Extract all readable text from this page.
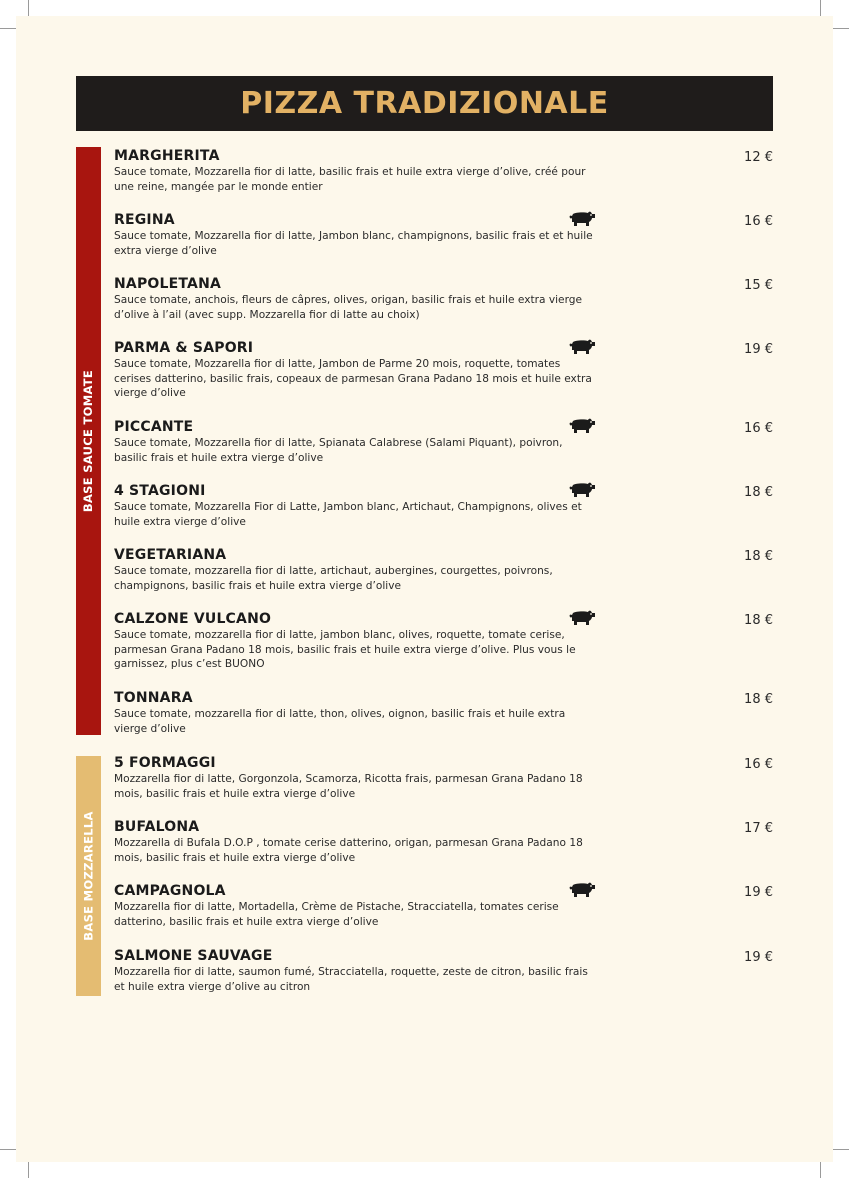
PIZZA TRADIZIONALE
BASE SAUCE TOMATE
BASE MOZZARELLA
MARGHERITA
Sauce tomate, Mozzarella fior di latte, basilic frais et huile extra vierge d’olive, créé pour une reine, mangée par le monde entier
12 €
REGINA
Sauce tomate, Mozzarella fior di latte, Jambon blanc, champignons, basilic frais et et huile extra vierge d’olive
16 €
NAPOLETANA
Sauce tomate, anchois, fleurs de câpres, olives, origan, basilic frais et huile extra vierge d’olive à l’ail (avec supp. Mozzarella fior di latte au choix)
15 €
PARMA & SAPORI
Sauce tomate, Mozzarella fior di latte, Jambon de Parme 20 mois, roquette, tomates cerises datterino, basilic frais, copeaux de parmesan Grana Padano 18 mois et huile extra vierge d’olive
19 €
PICCANTE
Sauce tomate, Mozzarella fior di latte, Spianata Calabrese (Salami Piquant), poivron, basilic frais et huile extra vierge d’olive
16 €
4 STAGIONI
Sauce tomate, Mozzarella Fior di Latte, Jambon blanc, Artichaut, Champignons, olives et huile extra vierge d’olive
18 €
VEGETARIANA
Sauce tomate, mozzarella fior di latte, artichaut, aubergines, courgettes, poivrons, champignons, basilic frais et huile extra vierge d’olive
18 €
CALZONE VULCANO
Sauce tomate, mozzarella fior di latte, jambon blanc, olives, roquette, tomate cerise, parmesan Grana Padano 18 mois, basilic frais et huile extra vierge d’olive. Plus vous le garnissez, plus c’est BUONO
18 €
TONNARA
Sauce tomate, mozzarella fior di latte, thon, olives, oignon, basilic frais et huile extra vierge d’olive
18 €
5 FORMAGGI
Mozzarella fior di latte, Gorgonzola, Scamorza, Ricotta frais, parmesan Grana Padano 18 mois, basilic frais et huile extra vierge d’olive
16 €
BUFALONA
Mozzarella di Bufala D.O.P , tomate cerise datterino, origan, parmesan Grana Padano 18 mois, basilic frais et huile extra vierge d’olive
17 €
CAMPAGNOLA
Mozzarella fior di latte, Mortadella, Crème de Pistache, Stracciatella, tomates cerise datterino, basilic frais et huile extra vierge d’olive
19 €
SALMONE SAUVAGE
Mozzarella fior di latte, saumon fumé, Stracciatella, roquette, zeste de citron, basilic frais et huile extra vierge d’olive au citron
19 €
